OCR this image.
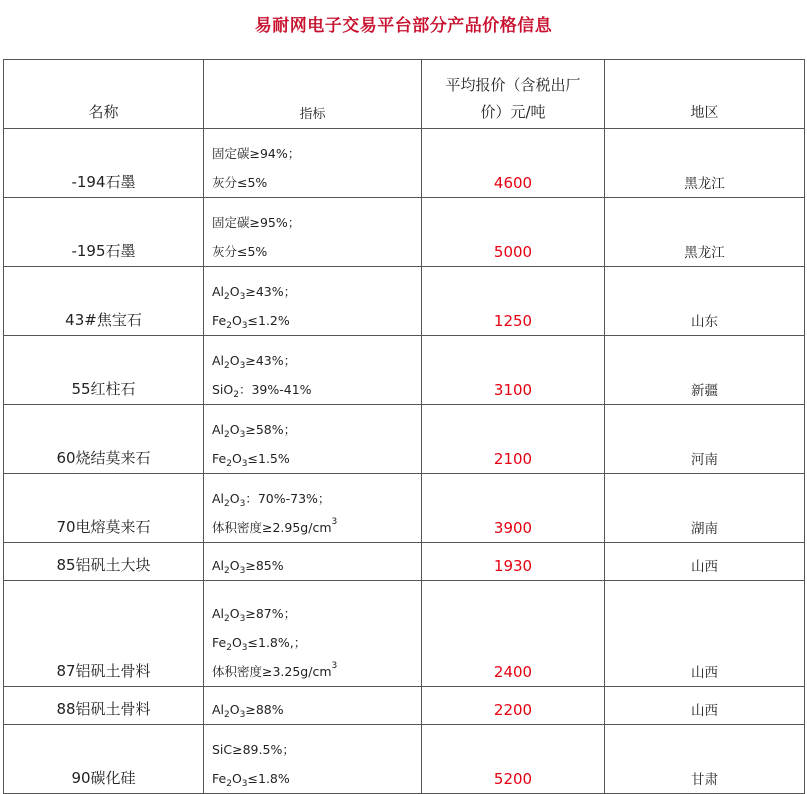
易耐网电子交易平台部分产品价格信息
名称	指标	平均报价（含税出厂
价）元/吨	地区
-194石墨	固定碳≥94%；
灰分≤5%	4600	黑龙江
-195石墨	固定碳≥95%；
灰分≤5%	5000	黑龙江
43#焦宝石	$Al_2O_3\ge 43\%$；
$Fe_2O_3\le 1.2\%$	1250	山东
55红柱石	$Al_2O_3\ge 43\%$；
SiO$_2$：39%-41%	3100	新疆
60烧结莫来石	$Al_2O_3\ge 58\%$；
$Fe_2O_3\le 1.5\%$	2100	河南
70电熔莫来石	$Al_2O_3$：70%-73%；
体积密度$\ge 2.95g/cm^3$	3900	湖南
85铝矾土大块	$Al_2O_3\ge 85\%$	1930	山西
87铝矾土骨料	$Al_2O_3\ge 87\%$；
$Fe_2O_3\le 1.8\%$,；
体积密度$\ge 3.25g/cm^3$	2400	山西
88铝矾土骨料	$Al_2O_3\ge 88\%$	2200	山西
90碳化硅	SiC≥89.5%；
$Fe_2O_3\le 1.8\%$	5200	甘肃
